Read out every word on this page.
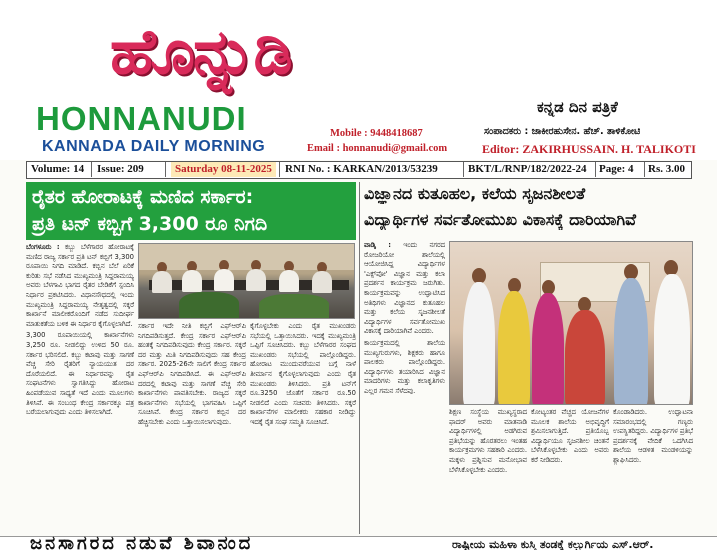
ಹೊನ್ನುಡಿ
HONNANUDI
KANNADA DAILY MORNING
ಕನ್ನಡ ದಿನ ಪತ್ರಿಕೆ
Mobile : 9448418687
Email : honnanudi@gmail.com
ಸಂಪಾದಕರು : ಜಾಕೀರಹುಸೇನ. ಹೆಚ್. ತಾಳಿಕೋಟಿ
Editor: ZAKIRHUSSAIN. H. TALIKOTI
Volume: 14 Issue: 209	Saturday 08-11-2025	RNI No. : KARKAN/2013/53239	BKT/L/RNP/182/2022-24 Page: 4 Rs. 3.00
ರೈತರ ಹೋರಾಟಕ್ಕೆ ಮಣಿದ ಸರ್ಕಾರ:
ಪ್ರತಿ ಟನ್ ಕಬ್ಬಿಗೆ 3,300 ರೂ ನಿಗದಿ

ಬೆಂಗಳೂರು : ಕಬ್ಬು ಬೆಳೆಗಾರರ ಹೋರಾಟಕ್ಕೆ ಮಣಿದ ರಾಜ್ಯ ಸರ್ಕಾರ ಪ್ರತಿ ಟನ್ ಕಬ್ಬಿಗೆ 3,300 ರೂಪಾಯಿ ನಿಗದಿ ಮಾಡಿದೆ. ಕಬ್ಬಿನ ಬೆಲೆ ಏರಿಕೆ ಕುರಿತು ಸಭೆ ನಡೆಸಿದ ಮುಖ್ಯಮಂತ್ರಿ ಸಿದ್ದರಾಮಯ್ಯ ಅವರು ಬೆಳಗಾವಿ ಭಾಗದ ರೈತರ ಬೇಡಿಕೆಗೆ ಸ್ಪಂದಿಸಿ ನಿರ್ಧಾರ ಪ್ರಕಟಿಸಿದರು. ವಿಧಾನಸೌಧದಲ್ಲಿ ಇಂದು ಮುಖ್ಯಮಂತ್ರಿ ಸಿದ್ದರಾಮಯ್ಯ ನೇತೃತ್ವದಲ್ಲಿ ಸಕ್ಕರೆ ಕಾರ್ಖಾನೆ ಮಾಲೀಕರೊಂದಿಗೆ ನಡೆದ ಸುದೀರ್ಘ ಮಾತುಕತೆಯ ಬಳಿಕ ಈ ನಿರ್ಧಾರ ಕೈಗೊಳ್ಳಲಾಗಿದೆ.

3,300 ರೂಪಾಯಿಯಲ್ಲಿ ಕಾರ್ಖಾನೆಗಳು 3,250 ರೂ. ನೀಡಲಿದ್ದು ಉಳಿದ 50 ರೂ. ಸರ್ಕಾರ ಭರಿಸಲಿದೆ. ಕಬ್ಬು ಕಟಾವು ಮತ್ತು ಸಾಗಣೆ ವೆಚ್ಚ ಸೇರಿ ರೈತರಿಗೆ ನ್ಯಾಯಯುತ ದರ ದೊರೆಯಲಿದೆ. ಈ ನಿರ್ಧಾರವನ್ನು ರೈತ ಸಂಘಟನೆಗಳು ಸ್ವಾಗತಿಸಿದ್ದು ಹೋರಾಟ ಹಿಂಪಡೆಯುವ ಸಾಧ್ಯತೆ ಇದೆ ಎಂದು ಮೂಲಗಳು ತಿಳಿಸಿವೆ. ಈ ಸಂಬಂಧ ಕೇಂದ್ರ ಸರ್ಕಾರಕ್ಕೂ ಪತ್ರ ಬರೆಯಲಾಗುವುದು ಎಂದು ತಿಳಿಸಲಾಗಿದೆ.

ಸರ್ಕಾರ ಇದೇ ನೀತಿ ಕಬ್ಬಿಗೆ ಎಫ್ಆರ್‌ಪಿ ನಿಗದಿಪಡಿಸುತ್ತದೆ. ಕೇಂದ್ರ ಸರ್ಕಾರ ಎಫ್ಆರ್‌ಪಿ ಹಂತಕ್ಕೆ ನಿಗದಿಪಡಿಸುವುದು ಕೇಂದ್ರ ಸರ್ಕಾರ. ಸಕ್ಕರೆ ದರ ಮತ್ತು ಮಿತಿ ನಿಗದಿಪಡಿಸುವುದು ಸಹ ಕೇಂದ್ರ ಸರ್ಕಾರ. 2025-26ನೇ ಸಾಲಿಗೆ ಕೇಂದ್ರ ಸರ್ಕಾರ ಎಫ್ಆರ್‌ಪಿ ನಿಗದಿಪಡಿಸಿದೆ. ಈ ಎಫ್ಆರ್‌ಪಿ ದರದಲ್ಲಿ ಕಟಾವು ಮತ್ತು ಸಾಗಣೆ ವೆಚ್ಚ ಸೇರಿ ಕಾರ್ಖಾನೆಗಳು ಪಾವತಿಸಬೇಕು. ರಾಜ್ಯದ ಸಕ್ಕರೆ ಕಾರ್ಖಾನೆಗಳು ಸಭೆಯಲ್ಲಿ ಭಾಗವಹಿಸಿ ಒಪ್ಪಿಗೆ ಸೂಚಿಸಿವೆ. ಕೇಂದ್ರ ಸರ್ಕಾರ ಕಬ್ಬಿನ ದರ ಹೆಚ್ಚಿಸಬೇಕು ಎಂದು ಒತ್ತಾಯಿಸಲಾಗುವುದು.

ಕೈಗೊಳ್ಳಬೇಕು ಎಂದು ರೈತ ಮುಖಂಡರು ಸಭೆಯಲ್ಲಿ ಒತ್ತಾಯಿಸಿದರು. ಇದಕ್ಕೆ ಮುಖ್ಯಮಂತ್ರಿ ಒಪ್ಪಿಗೆ ಸೂಚಿಸಿದರು. ಕಬ್ಬು ಬೆಳೆಗಾರರ ಸಂಘದ ಮುಖಂಡರು ಸಭೆಯಲ್ಲಿ ಪಾಲ್ಗೊಂಡಿದ್ದರು. ಹೋರಾಟ ಮುಂದುವರೆಯುವ ಬಗ್ಗೆ ನಾಳೆ ತೀರ್ಮಾನ ಕೈಗೊಳ್ಳಲಾಗುವುದು ಎಂದು ರೈತ ಮುಖಂಡರು ತಿಳಿಸಿದರು. ಪ್ರತಿ ಟನ್‌ಗೆ ರೂ.3250 ಜೊತೆಗೆ ಸರ್ಕಾರ ರೂ.50 ನೀಡಲಿದೆ ಎಂದು ಸಚಿವರು ತಿಳಿಸಿದರು. ಸಕ್ಕರೆ ಕಾರ್ಖಾನೆಗಳ ಮಾಲೀಕರು ಸಹಕಾರ ನೀಡಿದ್ದು ಇದಕ್ಕೆ ರೈತ ಸಂಘ ಸಮ್ಮತಿ ಸೂಚಿಸಿದೆ.

ವಿಜ್ಞಾನದ ಕುತೂಹಲ, ಕಲೆಯ ಸೃಜನಶೀಲತೆ
ವಿದ್ಯಾರ್ಥಿಗಳ ಸರ್ವತೋಮುಖ ವಿಕಾಸಕ್ಕೆ ದಾರಿಯಾಗಿವೆ

ವಾಡ್ಕಿ : ಇಂದು ನಗರದ ರೋಜರಿಯೋ ಶಾಲೆಯಲ್ಲಿ ಆಯೋಜಿಸಿದ್ದ ವಿದ್ಯಾರ್ಥಿಗಳ 'ಎಕ್ಸ್‌ಪೋ' ವಿಜ್ಞಾನ ಮತ್ತು ಕಲಾ ಪ್ರದರ್ಶನ ಕಾರ್ಯಕ್ರಮ ಜರುಗಿತು. ಕಾರ್ಯಕ್ರಮವನ್ನು ಉದ್ಘಾಟಿಸಿದ ಅತಿಥಿಗಳು ವಿಜ್ಞಾನದ ಕುತೂಹಲ ಮತ್ತು ಕಲೆಯ ಸೃಜನಶೀಲತೆ ವಿದ್ಯಾರ್ಥಿಗಳ ಸರ್ವತೋಮುಖ ವಿಕಾಸಕ್ಕೆ ದಾರಿಯಾಗಿವೆ ಎಂದರು.

ಕಾರ್ಯಕ್ರಮದಲ್ಲಿ ಶಾಲೆಯ ಮುಖ್ಯಗುರುಗಳು, ಶಿಕ್ಷಕರು ಹಾಗೂ ಪಾಲಕರು ಪಾಲ್ಗೊಂಡಿದ್ದರು. ವಿದ್ಯಾರ್ಥಿಗಳು ತಯಾರಿಸಿದ ವಿಜ್ಞಾನ ಮಾದರಿಗಳು ಮತ್ತು ಕಲಾಕೃತಿಗಳು ಎಲ್ಲರ ಗಮನ ಸೆಳೆದವು.

ಶಿಕ್ಷಣ ಸಂಸ್ಥೆಯ ಮುಖ್ಯಸ್ಥರಾದ ಫಾದರ್ ಅವರು ಮಾತನಾಡಿ ವಿದ್ಯಾರ್ಥಿಗಳಲ್ಲಿ ಅಡಗಿರುವ ಪ್ರತಿಭೆಯನ್ನು ಹೊರತರಲು ಇಂತಹ ಕಾರ್ಯಕ್ರಮಗಳು ಸಹಕಾರಿ ಎಂದರು. ಮಕ್ಕಳು ಪ್ರಶ್ನಿಸುವ ಮನೋಭಾವ ಬೆಳೆಸಿಕೊಳ್ಳಬೇಕು ಎಂದರು.

ಕೋಟ್ಯಂತರ ವೆಚ್ಚದ ಯೋಜನೆಗಳ ಮೂಲಕ ಶಾಲೆಯ ಅಭಿವೃದ್ಧಿಗೆ ಶ್ರಮಿಸಲಾಗುತ್ತಿದೆ. ಪ್ರತಿಯೊಬ್ಬ ವಿದ್ಯಾರ್ಥಿಯೂ ಸೃಜನಶೀಲ ಚಿಂತನೆ ಬೆಳೆಸಿಕೊಳ್ಳಬೇಕು ಎಂದು ಅವರು ಕರೆ ನೀಡಿದರು.

ಕೊಂಡಾಡಿದರು. ಉದ್ಘಾಟನಾ ಸಮಾರಂಭದಲ್ಲಿ ಗಣ್ಯರು ಉಪಸ್ಥಿತರಿದ್ದರು. ವಿದ್ಯಾರ್ಥಿಗಳ ಪ್ರತಿಭೆ ಪ್ರದರ್ಶನಕ್ಕೆ ವೇದಿಕೆ ಒದಗಿಸಿದ ಶಾಲೆಯ ಆಡಳಿತ ಮಂಡಳಿಯನ್ನು ಶ್ಲಾಘಿಸಿದರು.

ಜನಸಾಗರದ ನಡುವೆ ಶಿವಾನಂದ	ರಾಷ್ಟ್ರೀಯ ಮಹಿಳಾ ಕುಸ್ತಿ ತಂಡಕ್ಕೆ ಕಲ್ಬುರ್ಗಿಯ ಎಸ್.ಆರ್.
